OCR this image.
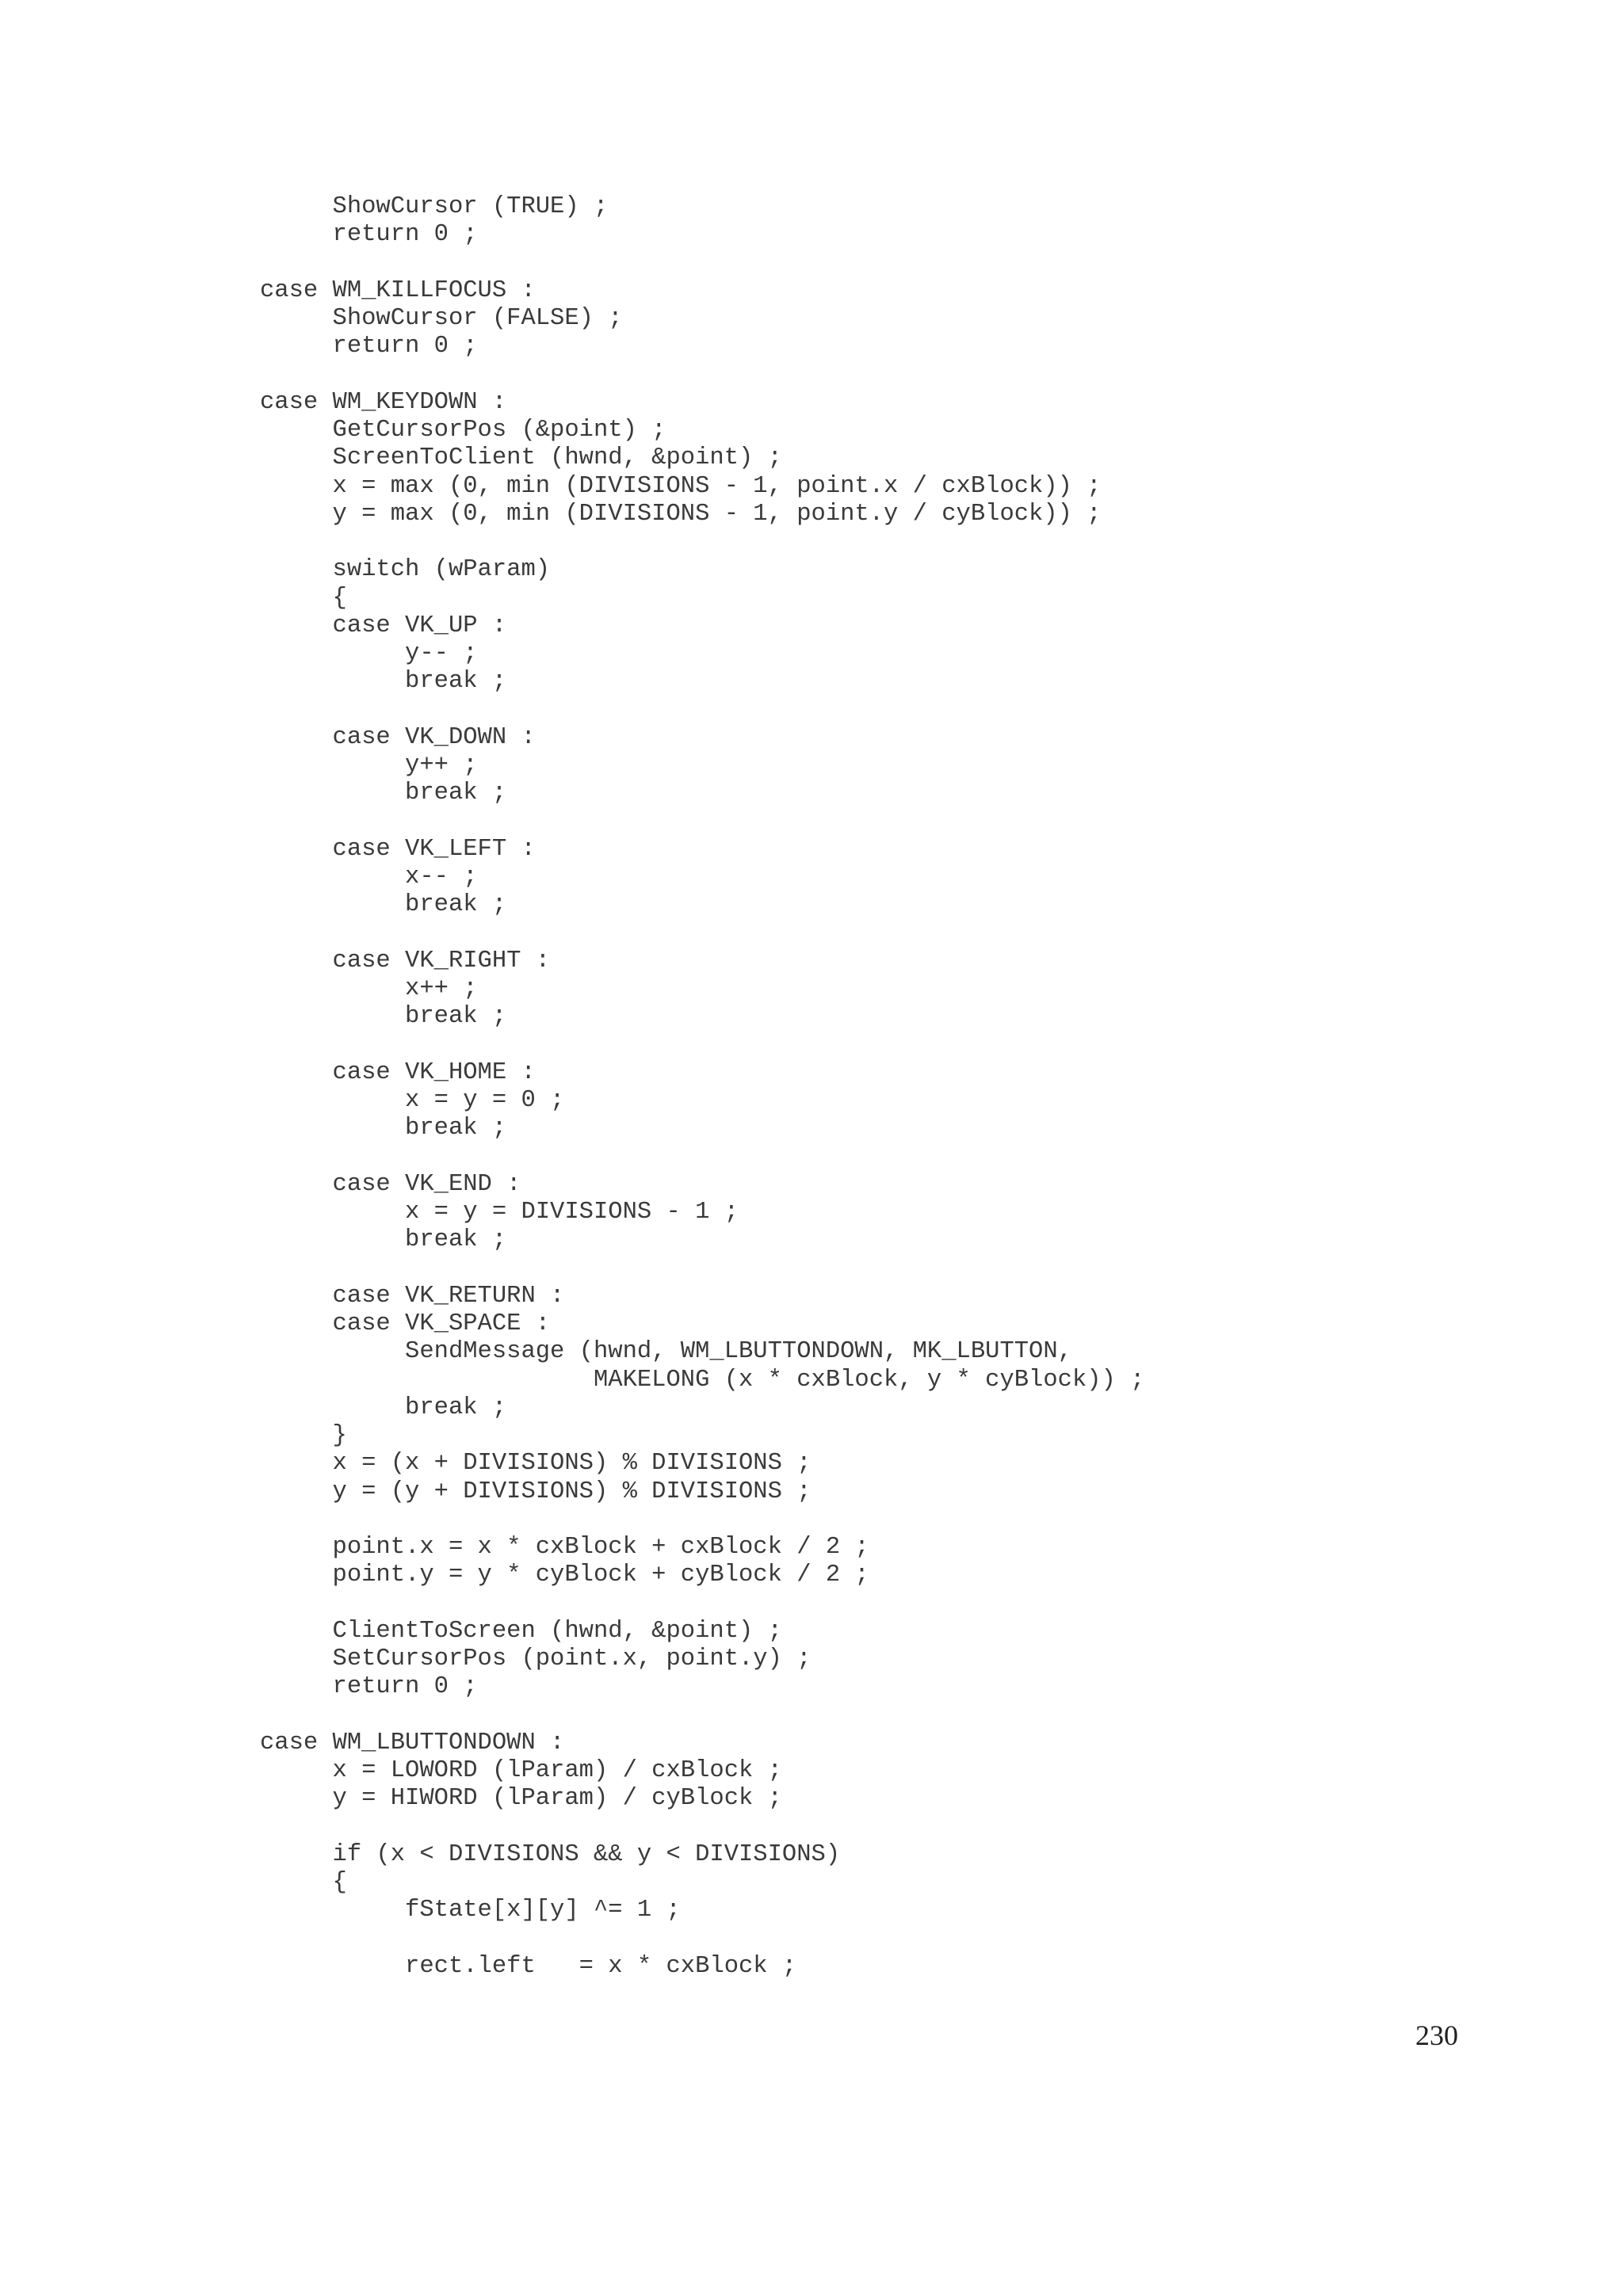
ShowCursor (TRUE) ;
return 0 ;
case WM_KILLFOCUS :
ShowCursor (FALSE) ;
return 0 ;
case WM_KEYDOWN :
GetCursorPos (&point) ;
ScreenToClient (hwnd, &point) ;
x = max (0, min (DIVISIONS - 1, point.x / cxBlock)) ;
y = max (0, min (DIVISIONS - 1, point.y / cyBlock)) ;
switch (wParam)
{
case VK_UP :
y-- ;
break ;
case VK_DOWN :
y++ ;
break ;
case VK_LEFT :
x-- ;
break ;
case VK_RIGHT :
x++ ;
break ;
case VK_HOME :
x = y = 0 ;
break ;
case VK_END :
x = y = DIVISIONS - 1 ;
break ;
case VK_RETURN :
case VK_SPACE :
SendMessage (hwnd, WM_LBUTTONDOWN, MK_LBUTTON,
MAKELONG (x * cxBlock, y * cyBlock)) ;
break ;
}
x = (x + DIVISIONS) % DIVISIONS ;
y = (y + DIVISIONS) % DIVISIONS ;
point.x = x * cxBlock + cxBlock / 2 ;
point.y = y * cyBlock + cyBlock / 2 ;
ClientToScreen (hwnd, &point) ;
SetCursorPos (point.x, point.y) ;
return 0 ;
case WM_LBUTTONDOWN :
x = LOWORD (lParam) / cxBlock ;
y = HIWORD (lParam) / cyBlock ;
if (x < DIVISIONS && y < DIVISIONS)
{
fState[x][y] ^= 1 ;
rect.left   = x * cxBlock ;
230
